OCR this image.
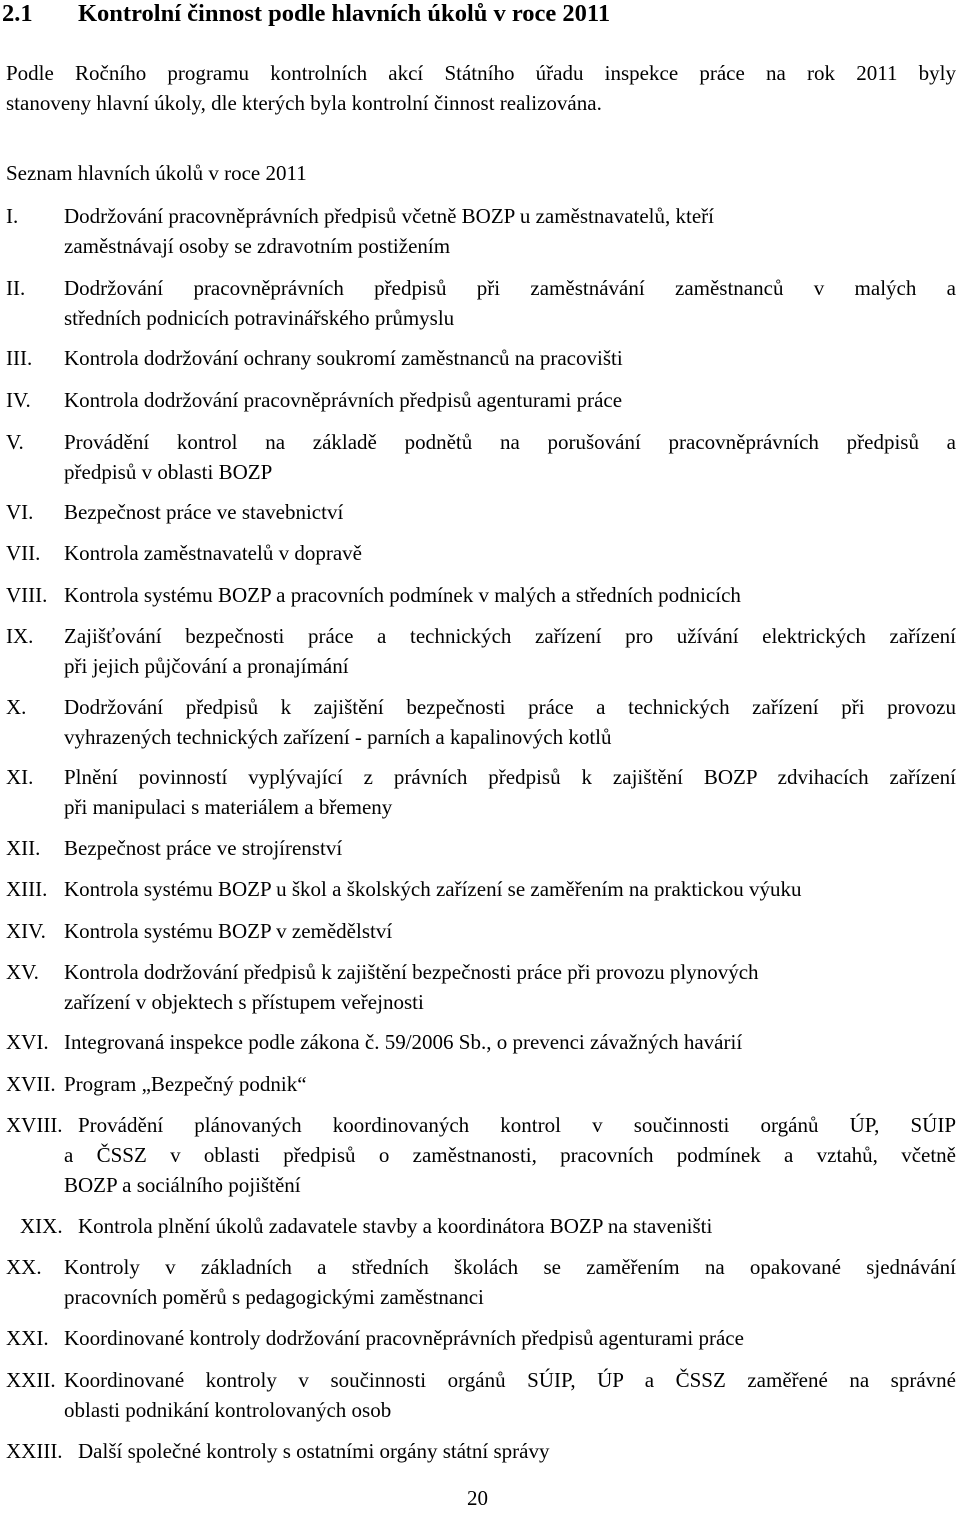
2.1 Kontrolní činnost podle hlavních úkolů v roce 2011
Podle Ročního programu kontrolních akcí Státního úřadu inspekce práce na rok 2011 byly
stanoveny hlavní úkoly, dle kterých byla kontrolní činnost realizována.
Seznam hlavních úkolů v roce 2011
I. Dodržování pracovněprávních předpisů včetně BOZP u zaměstnavatelů, kteří
zaměstnávají osoby se zdravotním postižením
II. Dodržování pracovněprávních předpisů při zaměstnávání zaměstnanců v malých a
středních podnicích potravinářského průmyslu
III. Kontrola dodržování ochrany soukromí zaměstnanců na pracovišti
IV. Kontrola dodržování pracovněprávních předpisů agenturami práce
V. Provádění kontrol na základě podnětů na porušování pracovněprávních předpisů a
předpisů v oblasti BOZP
VI. Bezpečnost práce ve stavebnictví
VII. Kontrola zaměstnavatelů v dopravě
VIII. Kontrola systému BOZP a pracovních podmínek v malých a středních podnicích
IX. Zajišťování bezpečnosti práce a technických zařízení pro užívání elektrických zařízení
při jejich půjčování a pronajímání
X. Dodržování předpisů k zajištění bezpečnosti práce a technických zařízení při provozu
vyhrazených technických zařízení - parních a kapalinových kotlů
XI. Plnění povinností vyplývající z právních předpisů k zajištění BOZP zdvihacích zařízení
při manipulaci s materiálem a břemeny
XII. Bezpečnost práce ve strojírenství
XIII. Kontrola systému BOZP u škol a školských zařízení se zaměřením na praktickou výuku
XIV. Kontrola systému BOZP v zemědělství
XV. Kontrola dodržování předpisů k zajištění bezpečnosti práce při provozu plynových
zařízení v objektech s přístupem veřejnosti
XVI. Integrovaná inspekce podle zákona č. 59/2006 Sb., o prevenci závažných havárií
XVII. Program „Bezpečný podnik“
XVIII. Provádění plánovaných koordinovaných kontrol v součinnosti orgánů ÚP, SÚIP
a ČSSZ v oblasti předpisů o zaměstnanosti, pracovních podmínek a vztahů, včetně
BOZP a sociálního pojištění
XIX. Kontrola plnění úkolů zadavatele stavby a koordinátora BOZP na staveništi
XX. Kontroly v základních a středních školách se zaměřením na opakované sjednávání
pracovních poměrů s pedagogickými zaměstnanci
XXI. Koordinované kontroly dodržování pracovněprávních předpisů agenturami práce
XXII. Koordinované kontroly v součinnosti orgánů SÚIP, ÚP a ČSSZ zaměřené na správné
oblasti podnikání kontrolovaných osob
XXIII. Další společné kontroly s ostatními orgány státní správy
20
